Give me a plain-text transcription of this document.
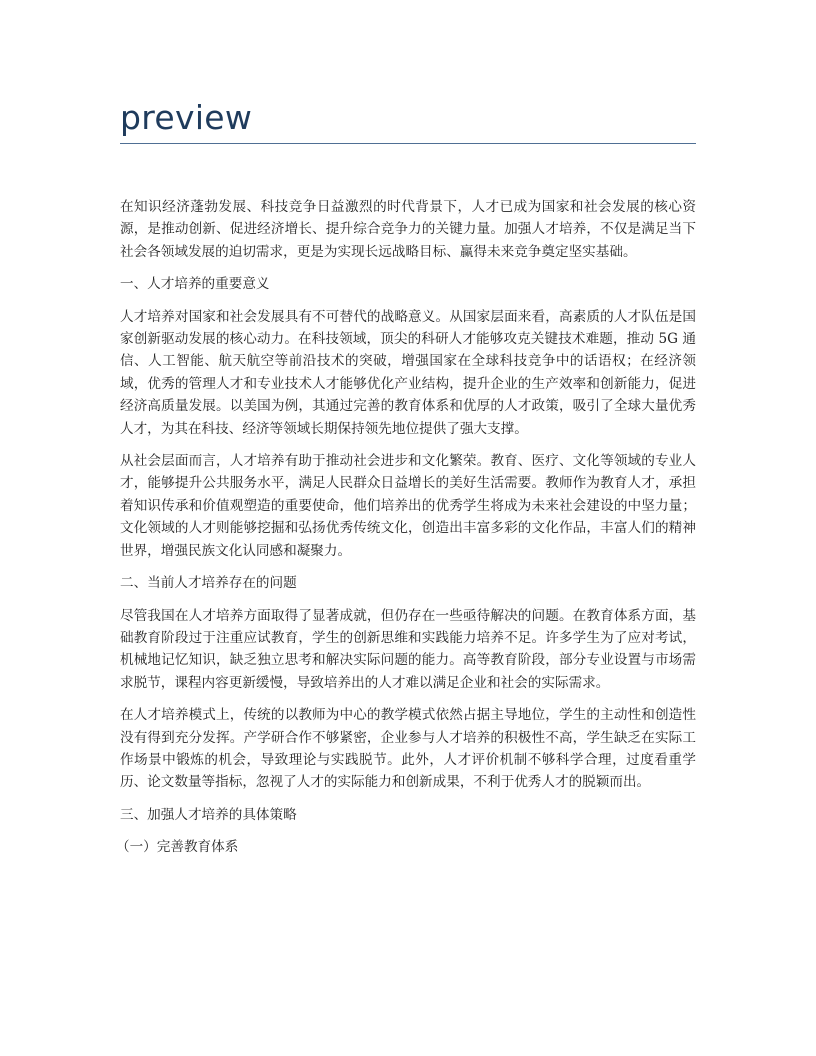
preview

在知识经济蓬勃发展、科技竞争日益激烈的时代背景下，人才已成为国家和社会发展的核心资源，是推动创新、促进经济增长、提升综合竞争力的关键力量。加强人才培养，不仅是满足当下社会各领域发展的迫切需求，更是为实现长远战略目标、赢得未来竞争奠定坚实基础。

一、人才培养的重要意义

人才培养对国家和社会发展具有不可替代的战略意义。从国家层面来看，高素质的人才队伍是国家创新驱动发展的核心动力。在科技领域，顶尖的科研人才能够攻克关键技术难题，推动 5G 通信、人工智能、航天航空等前沿技术的突破，增强国家在全球科技竞争中的话语权；在经济领域，优秀的管理人才和专业技术人才能够优化产业结构，提升企业的生产效率和创新能力，促进经济高质量发展。以美国为例，其通过完善的教育体系和优厚的人才政策，吸引了全球大量优秀人才，为其在科技、经济等领域长期保持领先地位提供了强大支撑。

从社会层面而言，人才培养有助于推动社会进步和文化繁荣。教育、医疗、文化等领域的专业人才，能够提升公共服务水平，满足人民群众日益增长的美好生活需要。教师作为教育人才，承担着知识传承和价值观塑造的重要使命，他们培养出的优秀学生将成为未来社会建设的中坚力量；文化领域的人才则能够挖掘和弘扬优秀传统文化，创造出丰富多彩的文化作品，丰富人们的精神世界，增强民族文化认同感和凝聚力。

二、当前人才培养存在的问题

尽管我国在人才培养方面取得了显著成就，但仍存在一些亟待解决的问题。在教育体系方面，基础教育阶段过于注重应试教育，学生的创新思维和实践能力培养不足。许多学生为了应对考试，机械地记忆知识，缺乏独立思考和解决实际问题的能力。高等教育阶段，部分专业设置与市场需求脱节，课程内容更新缓慢，导致培养出的人才难以满足企业和社会的实际需求。

在人才培养模式上，传统的以教师为中心的教学模式依然占据主导地位，学生的主动性和创造性没有得到充分发挥。产学研合作不够紧密，企业参与人才培养的积极性不高，学生缺乏在实际工作场景中锻炼的机会，导致理论与实践脱节。此外，人才评价机制不够科学合理，过度看重学历、论文数量等指标，忽视了人才的实际能力和创新成果，不利于优秀人才的脱颖而出。

三、加强人才培养的具体策略

（一）完善教育体系
